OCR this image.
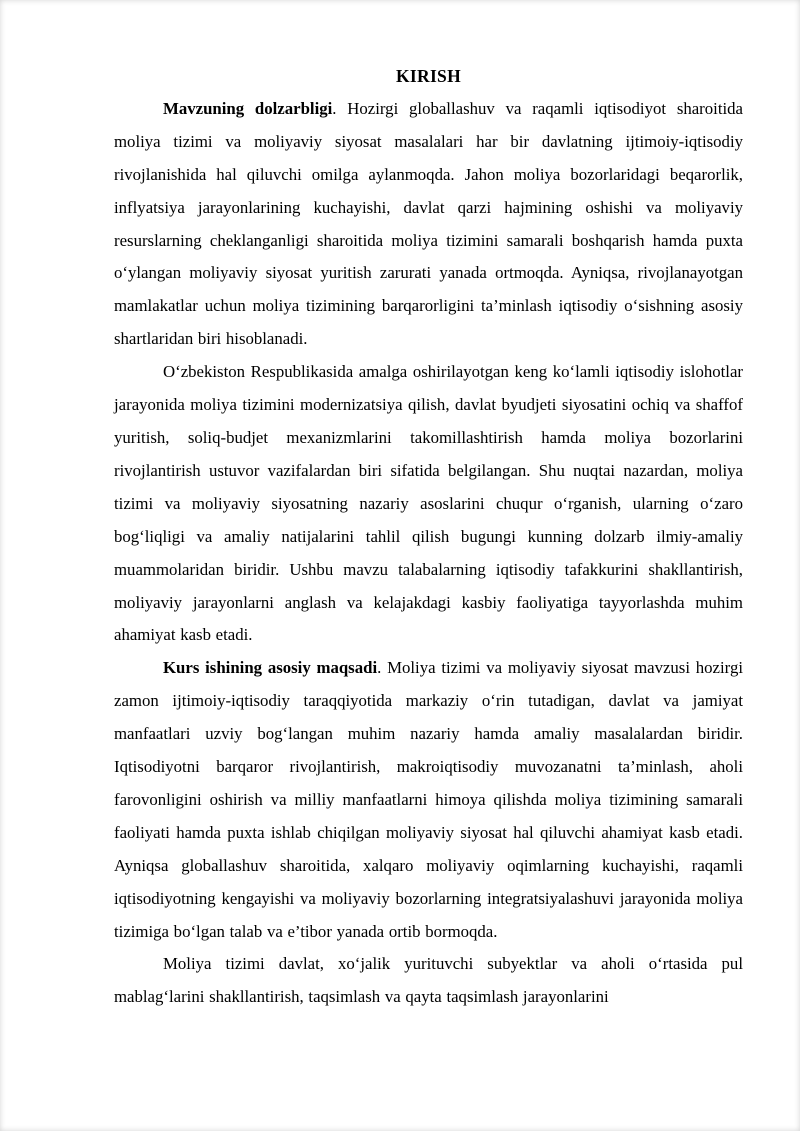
KIRISH

Mavzuning dolzarbligi. Hozirgi globallashuv va raqamli iqtisodiyot sharoitida moliya tizimi va moliyaviy siyosat masalalari har bir davlatning ijtimoiy-iqtisodiy rivojlanishida hal qiluvchi omilga aylanmoqda. Jahon moliya bozorlaridagi beqarorlik, inflyatsiya jarayonlarining kuchayishi, davlat qarzi hajmining oshishi va moliyaviy resurslarning cheklanganligi sharoitida moliya tizimini samarali boshqarish hamda puxta oʻylangan moliyaviy siyosat yuritish zarurati yanada ortmoqda. Ayniqsa, rivojlanayotgan mamlakatlar uchun moliya tizimining barqarorligini ta’minlash iqtisodiy oʻsishning asosiy shartlaridan biri hisoblanadi.

Oʻzbekiston Respublikasida amalga oshirilayotgan keng koʻlamli iqtisodiy islohotlar jarayonida moliya tizimini modernizatsiya qilish, davlat byudjeti siyosatini ochiq va shaffof yuritish, soliq-budjet mexanizmlarini takomillashtirish hamda moliya bozorlarini rivojlantirish ustuvor vazifalardan biri sifatida belgilangan. Shu nuqtai nazardan, moliya tizimi va moliyaviy siyosatning nazariy asoslarini chuqur oʻrganish, ularning oʻzaro bogʻliqligi va amaliy natijalarini tahlil qilish bugungi kunning dolzarb ilmiy-amaliy muammolaridan biridir. Ushbu mavzu talabalarning iqtisodiy tafakkurini shakllantirish, moliyaviy jarayonlarni anglash va kelajakdagi kasbiy faoliyatiga tayyorlashda muhim ahamiyat kasb etadi.

Kurs ishining asosiy maqsadi. Moliya tizimi va moliyaviy siyosat mavzusi hozirgi zamon ijtimoiy-iqtisodiy taraqqiyotida markaziy oʻrin tutadigan, davlat va jamiyat manfaatlari uzviy bogʻlangan muhim nazariy hamda amaliy masalalardan biridir. Iqtisodiyotni barqaror rivojlantirish, makroiqtisodiy muvozanatni ta’minlash, aholi farovonligini oshirish va milliy manfaatlarni himoya qilishda moliya tizimining samarali faoliyati hamda puxta ishlab chiqilgan moliyaviy siyosat hal qiluvchi ahamiyat kasb etadi. Ayniqsa globallashuv sharoitida, xalqaro moliyaviy oqimlarning kuchayishi, raqamli iqtisodiyotning kengayishi va moliyaviy bozorlarning integratsiyalashuvi jarayonida moliya tizimiga boʻlgan talab va e’tibor yanada ortib bormoqda.

Moliya tizimi davlat, xoʻjalik yurituvchi subyektlar va aholi oʻrtasida pul mablagʻlarini shakllantirish, taqsimlash va qayta taqsimlash jarayonlarini
